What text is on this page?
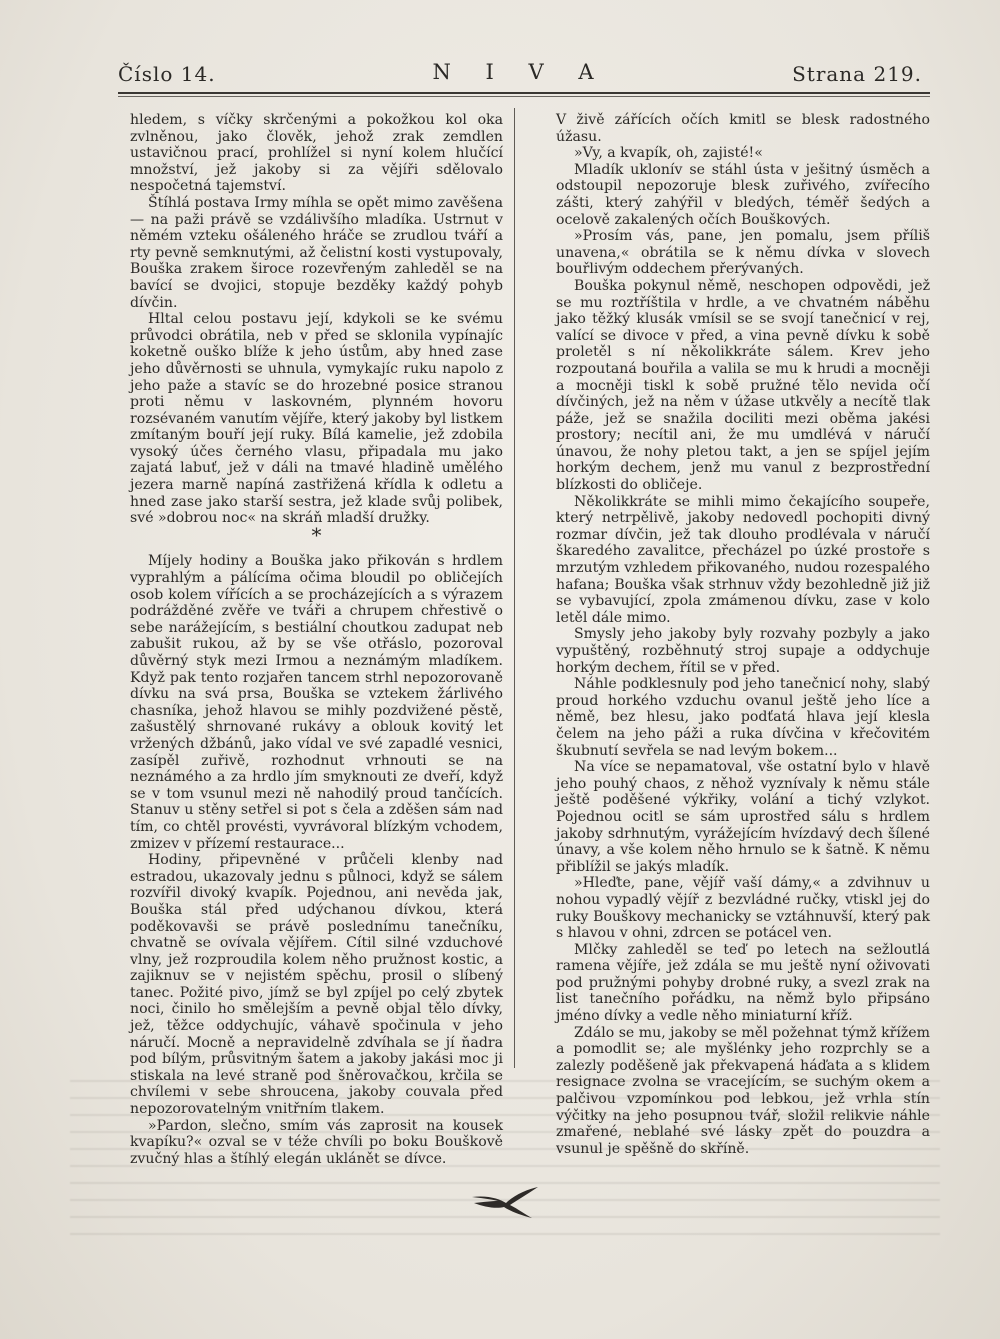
Číslo 14.	N I V A	Strana 219.

hledem, s víčky skrčenými a pokožkou kol oka zvlněnou, jako člověk, jehož zrak zemdlen ustavičnou prací, prohlížel si nyní kolem hlučící množství, jež jakoby si za vějíři sdělovalo nespočetná tajemství.

Štíhlá postava Irmy míhla se opět mimo zavěšena — na paži právě se vzdálivšího mladíka. Ustrnut v němém vzteku ošáleného hráče se zrudlou tváří a rty pevně semknutými, až čelistní kosti vystupovaly, Bouška zrakem široce rozevřeným zahleděl se na bavící se dvojici, stopuje bezděky každý pohyb dívčin.

Hltal celou postavu její, kdykoli se ke svému průvodci obrátila, neb v před se sklonila vypínajíc koketně ouško blíže k jeho ústům, aby hned zase jeho důvěrnosti se uhnula, vymykajíc ruku napolo z jeho paže a stavíc se do hrozebné posice stranou proti němu v laskovném, plynném hovoru rozsévaném vanutím vějíře, který jakoby byl listkem zmítaným bouří její ruky. Bílá kamelie, jež zdobila vysoký účes černého vlasu, připadala mu jako zajatá labuť, jež v dáli na tmavé hladině umělého jezera marně napíná zastřižená křídla k odletu a hned zase jako starší sestra, jež klade svůj polibek, své »dobrou noc« na skráň mladší družky.

*

Míjely hodiny a Bouška jako přikován s hrdlem vyprahlým a pálícíma očima bloudil po obličejích osob kolem vířících a se procházejících a s výrazem podrážděné zvěře ve tváři a chrupem chřestivě o sebe narážejícím, s bestiální choutkou zadupat neb zabušit rukou, až by se vše otřáslo, pozoroval důvěrný styk mezi Irmou a neznámým mladíkem. Když pak tento rozjařen tancem strhl nepozorovaně dívku na svá prsa, Bouška se vztekem žárlivého chasníka, jehož hlavou se mihly pozdvižené pěstě, zašustělý shrnované rukávy a oblouk kovitý let vržených džbánů, jako vídal ve své zapadlé vesnici, zasípěl zuřivě, rozhodnut vrhnouti se na neznámého a za hrdlo jím smyknouti ze dveří, když se v tom vsunul mezi ně nahodilý proud tančících. Stanuv u stěny setřel si pot s čela a zděšen sám nad tím, co chtěl provésti, vyvrávoral blízkým vchodem, zmizev v přízemí restaurace...

Hodiny, připevněné v průčeli klenby nad estradou, ukazovaly jednu s půlnoci, když se sálem rozvířil divoký kvapík. Pojednou, ani nevěda jak, Bouška stál před udýchanou dívkou, která poděkovavši se právě poslednímu tanečníku, chvatně se ovívala vějířem. Cítil silné vzduchové vlny, jež rozproudila kolem něho pružnost kostic, a zajiknuv se v nejistém spěchu, prosil o slíbený tanec. Požité pivo, jímž se byl zpíjel po celý zbytek noci, činilo ho smělejším a pevně objal tělo dívky, jež, těžce oddychujíc, váhavě spočinula v jeho náručí. Mocně a nepravidelně zdvíhala se jí ňadra pod bílým, průsvitným šatem a jakoby jakási moc ji stiskala na levé straně pod šněrovačkou, krčila se chvílemi v sebe shroucena, jakoby couvala před nepozorovatelným vnitřním tlakem.

»Pardon, slečno, smím vás zaprosit na kousek kvapíku?« ozval se v téže chvíli po boku Bouškově zvučný hlas a štíhlý elegán uklánět se dívce.

V živě zářících očích kmitl se blesk radostného úžasu.

»Vy, a kvapík, oh, zajisté!«

Mladík uklonív se stáhl ústa v ješitný úsměch a odstoupil nepozoruje blesk zuřivého, zvířecího zášti, který zahýřil v bledých, téměř šedých a ocelově zakalených očích Bouškových.

»Prosím vás, pane, jen pomalu, jsem příliš unavena,« obrátila se k němu dívka v slovech bouřlivým oddechem přerývaných.

Bouška pokynul němě, neschopen odpovědi, jež se mu roztříštila v hrdle, a ve chvatném náběhu jako těžký klusák vmísil se se svojí tanečnicí v rej, valící se divoce v před, a vina pevně dívku k sobě proletěl s ní několikkráte sálem. Krev jeho rozpoutaná bouřila a valila se mu k hrudi a mocněji a mocněji tiskl k sobě pružné tělo nevida očí dívčiných, jež na něm v úžase utkvěly a necítě tlak páže, jež se snažila dociliti mezi oběma jakési prostory; necítil ani, že mu umdlévá v náručí únavou, že nohy pletou takt, a jen se spíjel jejím horkým dechem, jenž mu vanul z bezprostřední blízkosti do obličeje.

Několikkráte se mihli mimo čekajícího soupeře, který netrpělivě, jakoby nedovedl pochopiti divný rozmar dívčin, jež tak dlouho prodlévala v náručí škaredého zavalitce, přecházel po úzké prostoře s mrzutým vzhledem přikovaného, nudou rozespalého hafana; Bouška však strhnuv vždy bezohledně již již se vybavující, zpola zmámenou dívku, zase v kolo letěl dále mimo.

Smysly jeho jakoby byly rozvahy pozbyly a jako vypuštěný, rozběhnutý stroj supaje a oddychuje horkým dechem, řítil se v před.

Náhle podklesnuly pod jeho tanečnicí nohy, slabý proud horkého vzduchu ovanul ještě jeho líce a němě, bez hlesu, jako podťatá hlava její klesla čelem na jeho páži a ruka dívčina v křečovitém škubnutí sevřela se nad levým bokem...

Na více se nepamatoval, vše ostatní bylo v hlavě jeho pouhý chaos, z něhož vyznívaly k němu stále ještě poděšené výkřiky, volání a tichý vzlykot. Pojednou ocitl se sám uprostřed sálu s hrdlem jakoby sdrhnutým, vyrážejícím hvízdavý dech šílené únavy, a vše kolem něho hrnulo se k šatně. K němu přiblížil se jakýs mladík.

»Hleďte, pane, vějíř vaší dámy,« a zdvihnuv u nohou vypadlý vějíř z bezvládné ručky, vtiskl jej do ruky Bouškovy mechanicky se vztáhnuvší, který pak s hlavou v ohni, zdrcen se potácel ven.

Mlčky zahleděl se teď po letech na sežloutlá ramena vějíře, jež zdála se mu ještě nyní oživovati pod pružnými pohyby drobné ruky, a svezl zrak na list tanečního pořádku, na němž bylo připsáno jméno dívky a vedle něho miniaturní kříž.

Zdálo se mu, jakoby se měl požehnat týmž křížem a pomodlit se; ale myšlénky jeho rozprchly se a zalezly poděšeně jak překvapená háďata a s klidem resignace zvolna se vracejícím, se suchým okem a palčivou vzpomínkou pod lebkou, jež vrhla stín výčitky na jeho posupnou tvář, složil relikvie náhle zmařené, neblahé své lásky zpět do pouzdra a vsunul je spěšně do skříně.
